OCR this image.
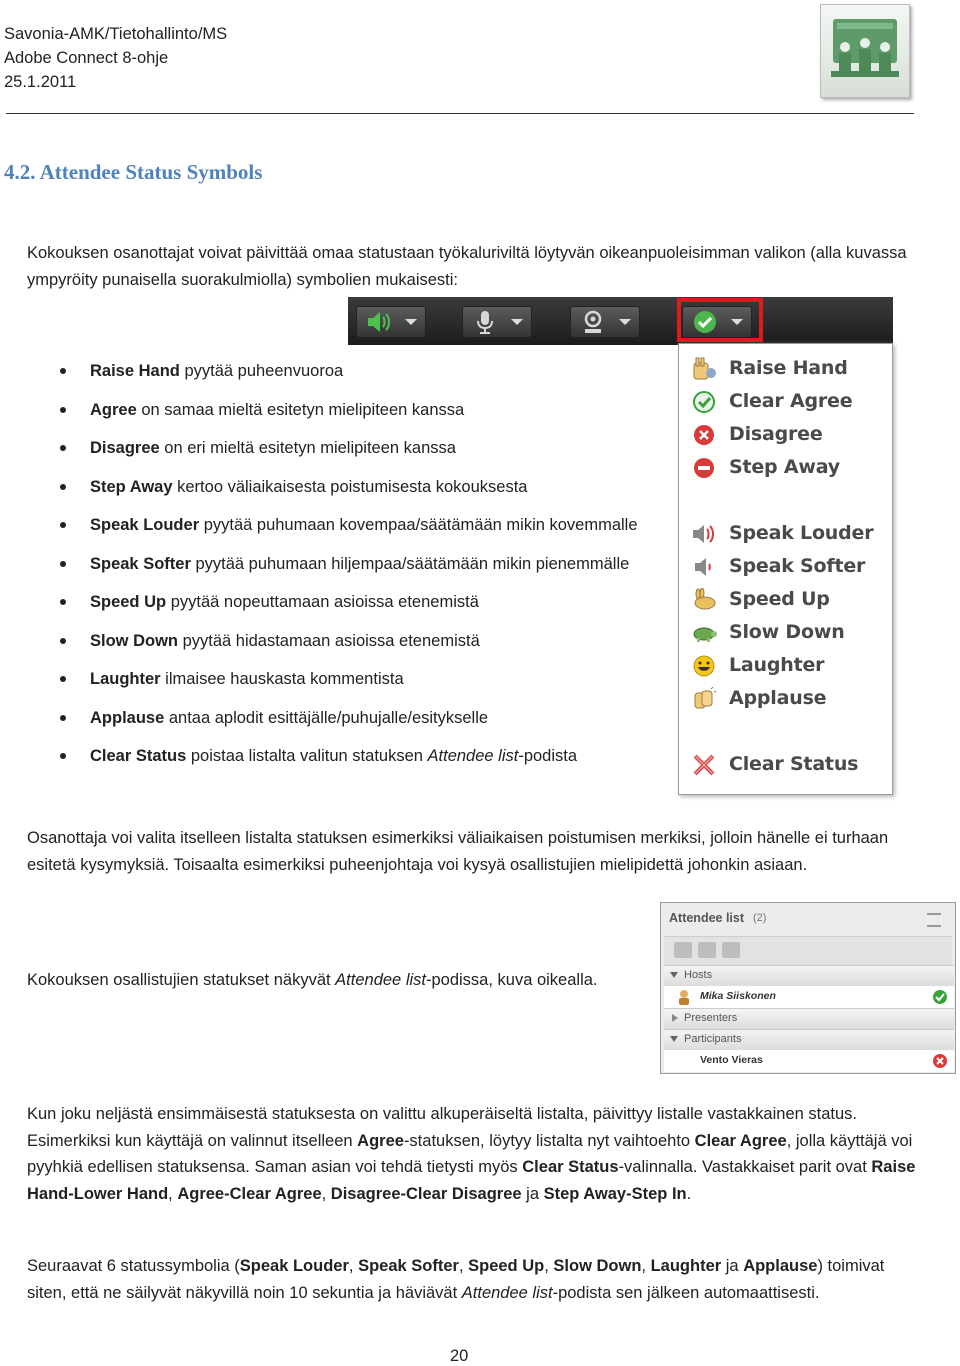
Savonia-AMK/Tietohallinto/MS
Adobe Connect 8-ohje
25.1.2011
4.2. Attendee Status Symbols
Kokouksen osanottajat voivat päivittää omaa statustaan työkaluriviltä löytyvän oikeanpuoleisimman valikon (alla kuvassa ympyröity punaisella suorakulmiolla) symbolien mukaisesti:
Raise Hand pyytää puheenvuoroa
Agree on samaa mieltä esitetyn mielipiteen kanssa
Disagree on eri mieltä esitetyn mielipiteen kanssa
Step Away kertoo väliaikaisesta poistumisesta kokouksesta
Speak Louder pyytää puhumaan kovempaa/säätämään mikin kovemmalle
Speak Softer pyytää puhumaan hiljempaa/säätämään mikin pienemmälle
Speed Up pyytää nopeuttamaan asioissa etenemistä
Slow Down pyytää hidastamaan asioissa etenemistä
Laughter ilmaisee hauskasta kommentista
Applause antaa aplodit esittäjälle/puhujalle/esitykselle
Clear Status poistaa listalta valitun statuksen Attendee list-podista
Raise Hand
Clear Agree
Disagree
Step Away
Speak Louder
Speak Softer
Speed Up
Slow Down
Laughter
Applause
Clear Status
Osanottaja voi valita itselleen listalta statuksen esimerkiksi väliaikaisen poistumisen merkiksi, jolloin hänelle ei turhaan esitetä kysymyksiä. Toisaalta esimerkiksi puheenjohtaja voi kysyä osallistujien mielipidettä johonkin asiaan.
Kokouksen osallistujien statukset näkyvät Attendee list-podissa, kuva oikealla.
Attendee list (2)
Hosts
Mika Siiskonen
Presenters
Participants
Vento Vieras
Kun joku neljästä ensimmäisestä statuksesta on valittu alkuperäiseltä listalta, päivittyy listalle vastakkainen status. Esimerkiksi kun käyttäjä on valinnut itselleen Agree-statuksen, löytyy listalta nyt vaihtoehto Clear Agree, jolla käyttäjä voi pyyhkiä edellisen statuksensa. Saman asian voi tehdä tietysti myös Clear Status-valinnalla. Vastakkaiset parit ovat Raise Hand-Lower Hand, Agree-Clear Agree, Disagree-Clear Disagree ja Step Away-Step In.
Seuraavat 6 statussymbolia (Speak Louder, Speak Softer, Speed Up, Slow Down, Laughter ja Applause) toimivat siten, että ne säilyvät näkyvillä noin 10 sekuntia ja häviävät Attendee list-podista sen jälkeen automaattisesti.
20
